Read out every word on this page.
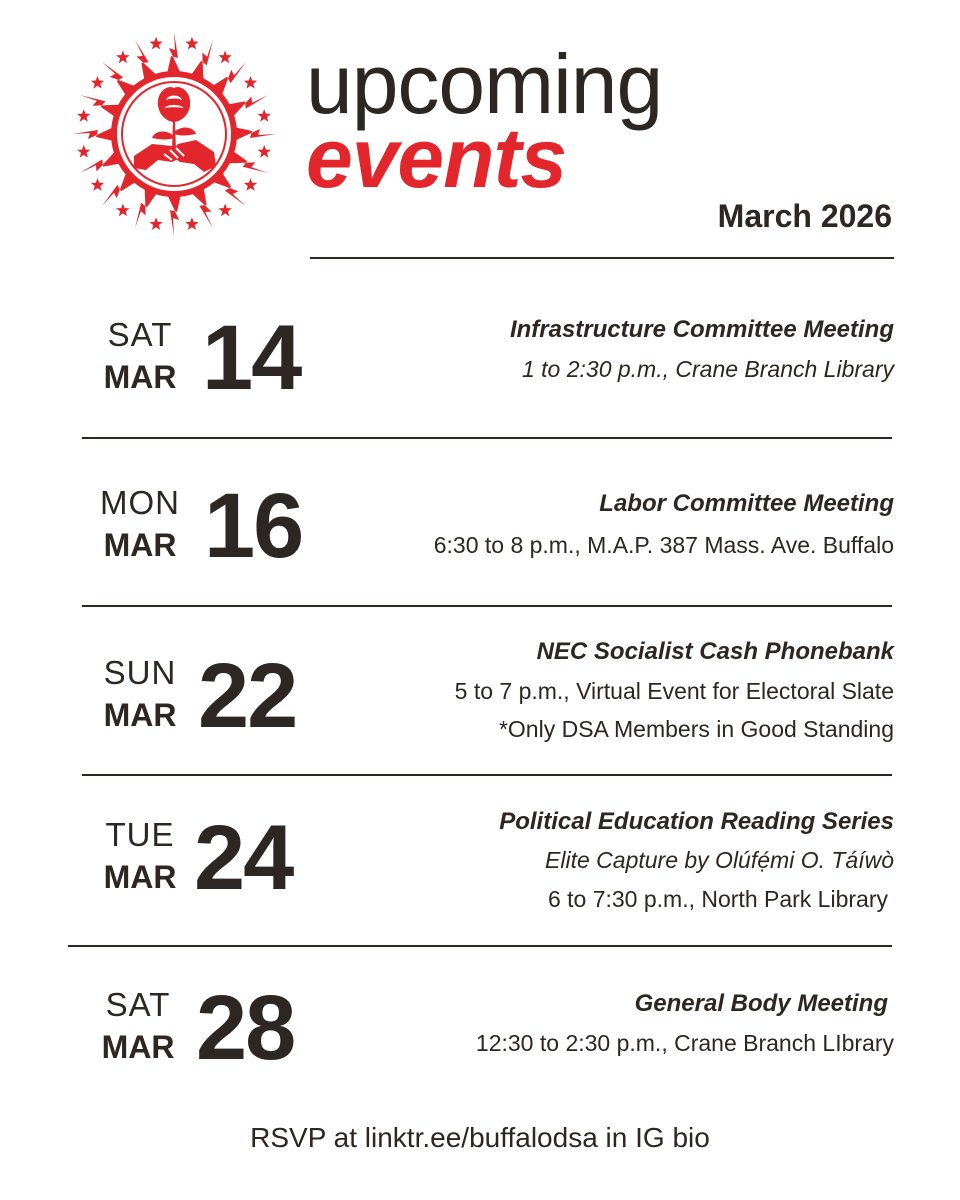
upcoming
events
March 2026
SAT
MAR 14	Infrastructure Committee Meeting
1 to 2:30 p.m., Crane Branch Library
MON
MAR 16	Labor Committee Meeting
6:30 to 8 p.m., M.A.P. 387 Mass. Ave. Buffalo
SUN
MAR 22	NEC Socialist Cash Phonebank
5 to 7 p.m., Virtual Event for Electoral Slate
*Only DSA Members in Good Standing
TUE
MAR 24	Political Education Reading Series
Elite Capture by Olúfẹ́mi O. Táíwò
6 to 7:30 p.m., North Park Library
SAT
MAR 28	General Body Meeting
12:30 to 2:30 p.m., Crane Branch LIbrary
RSVP at linktr.ee/buffalodsa in IG bio
